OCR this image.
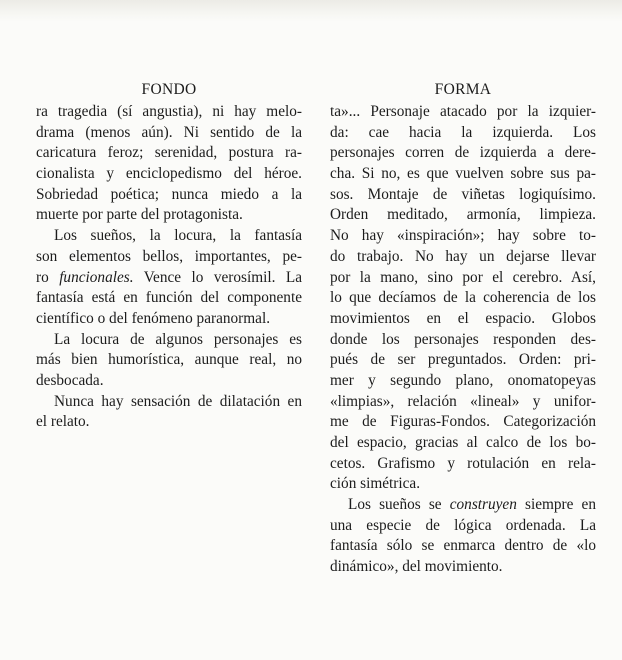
FONDO
ra tragedia (sí angustia), ni hay melo-
drama (menos aún). Ni sentido de la
caricatura feroz; serenidad, postura ra-
cionalista y enciclopedismo del héroe.
Sobriedad poética; nunca miedo a la
muerte por parte del protagonista.
Los sueños, la locura, la fantasía
son elementos bellos, importantes, pe-
ro funcionales. Vence lo verosímil. La
fantasía está en función del componente
científico o del fenómeno paranormal.
La locura de algunos personajes es
más bien humorística, aunque real, no
desbocada.
Nunca hay sensación de dilatación en
el relato.
FORMA
ta»... Personaje atacado por la izquier-
da: cae hacia la izquierda. Los
personajes corren de izquierda a dere-
cha. Si no, es que vuelven sobre sus pa-
sos. Montaje de viñetas logiquísimo.
Orden meditado, armonía, limpieza.
No hay «inspiración»; hay sobre to-
do trabajo. No hay un dejarse llevar
por la mano, sino por el cerebro. Así,
lo que decíamos de la coherencia de los
movimientos en el espacio. Globos
donde los personajes responden des-
pués de ser preguntados. Orden: pri-
mer y segundo plano, onomatopeyas
«limpias», relación «lineal» y unifor-
me de Figuras-Fondos. Categorización
del espacio, gracias al calco de los bo-
cetos. Grafismo y rotulación en rela-
ción simétrica.
Los sueños se construyen siempre en
una especie de lógica ordenada. La
fantasía sólo se enmarca dentro de «lo
dinámico», del movimiento.
